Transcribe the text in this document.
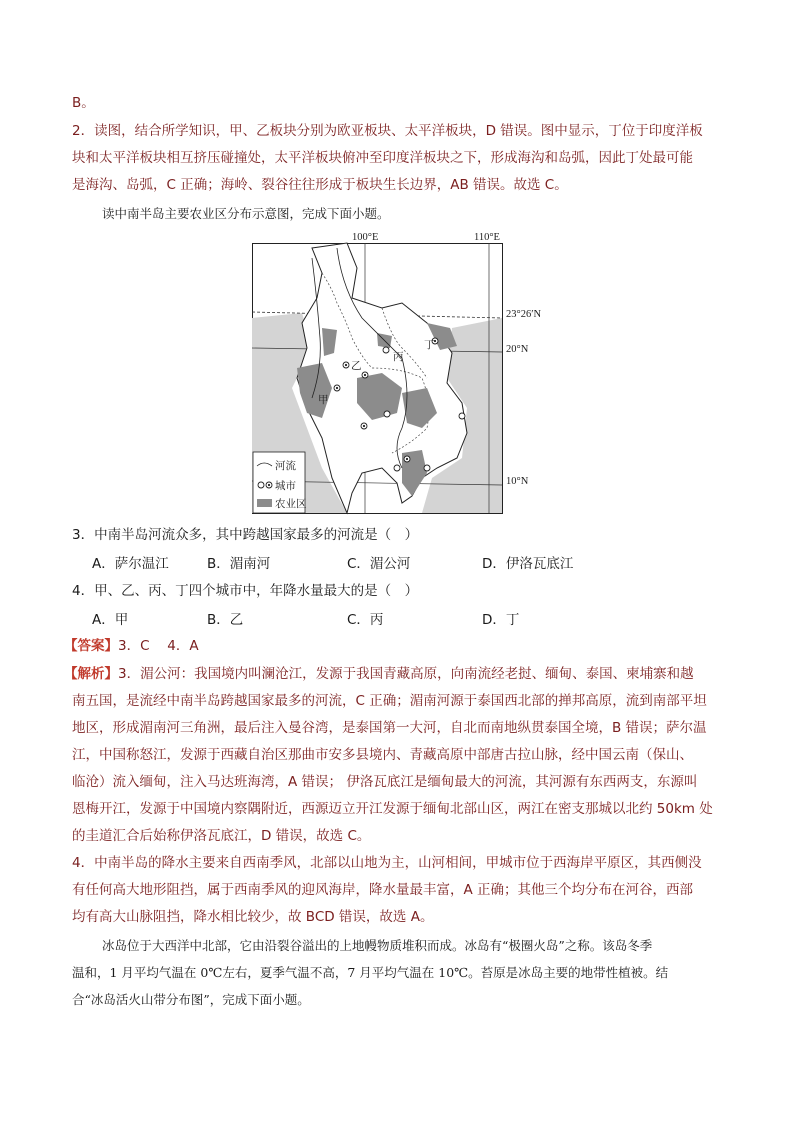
B。
2．读图，结合所学知识，甲、乙板块分别为欧亚板块、太平洋板块，D 错误。图中显示，丁位于印度洋板
块和太平洋板块相互挤压碰撞处，太平洋板块俯冲至印度洋板块之下，形成海沟和岛弧，因此丁处最可能
是海沟、岛弧，C 正确；海岭、裂谷往往形成于板块生长边界，AB 错误。故选 C。
读中南半岛主要农业区分布示意图，完成下面小题。
100°E	110°E
甲
乙
丙
丁
河流
城市
农业区
23°26′N
20°N
10°N
3．中南半岛河流众多，其中跨越国家最多的河流是（　）
A．萨尔温江	B．湄南河	C．湄公河	D．伊洛瓦底江
4．甲、乙、丙、丁四个城市中，年降水量最大的是（　）
A．甲	B．乙	C．丙	D．丁
【答案】3．C　 4．A
【解析】3．湄公河：我国境内叫澜沧江，发源于我国青藏高原，向南流经老挝、缅甸、泰国、柬埔寨和越
南五国，是流经中南半岛跨越国家最多的河流，C 正确；湄南河源于泰国西北部的掸邦高原，流到南部平坦
地区，形成湄南河三角洲，最后注入曼谷湾，是泰国第一大河，自北而南地纵贯泰国全境，B 错误；萨尔温
江，中国称怒江，发源于西藏自治区那曲市安多县境内、青藏高原中部唐古拉山脉，经中国云南（保山、
临沧）流入缅甸，注入马达班海湾，A 错误； 伊洛瓦底江是缅甸最大的河流，其河源有东西两支，东源叫
恩梅开江，发源于中国境内察隅附近，西源迈立开江发源于缅甸北部山区，两江在密支那城以北约 50km 处
的圭道汇合后始称伊洛瓦底江，D 错误，故选 C。
4．中南半岛的降水主要来自西南季风，北部以山地为主，山河相间，甲城市位于西海岸平原区，其西侧没
有任何高大地形阻挡，属于西南季风的迎风海岸，降水量最丰富，A 正确；其他三个均分布在河谷，西部
均有高大山脉阻挡，降水相比较少，故 BCD 错误，故选 A。
冰岛位于大西洋中北部，它由沿裂谷溢出的上地幔物质堆积而成。冰岛有“极圈火岛”之称。该岛冬季
温和，1 月平均气温在 0℃左右，夏季气温不高，7 月平均气温在 10℃。苔原是冰岛主要的地带性植被。结
合“冰岛活火山带分布图”，完成下面小题。
